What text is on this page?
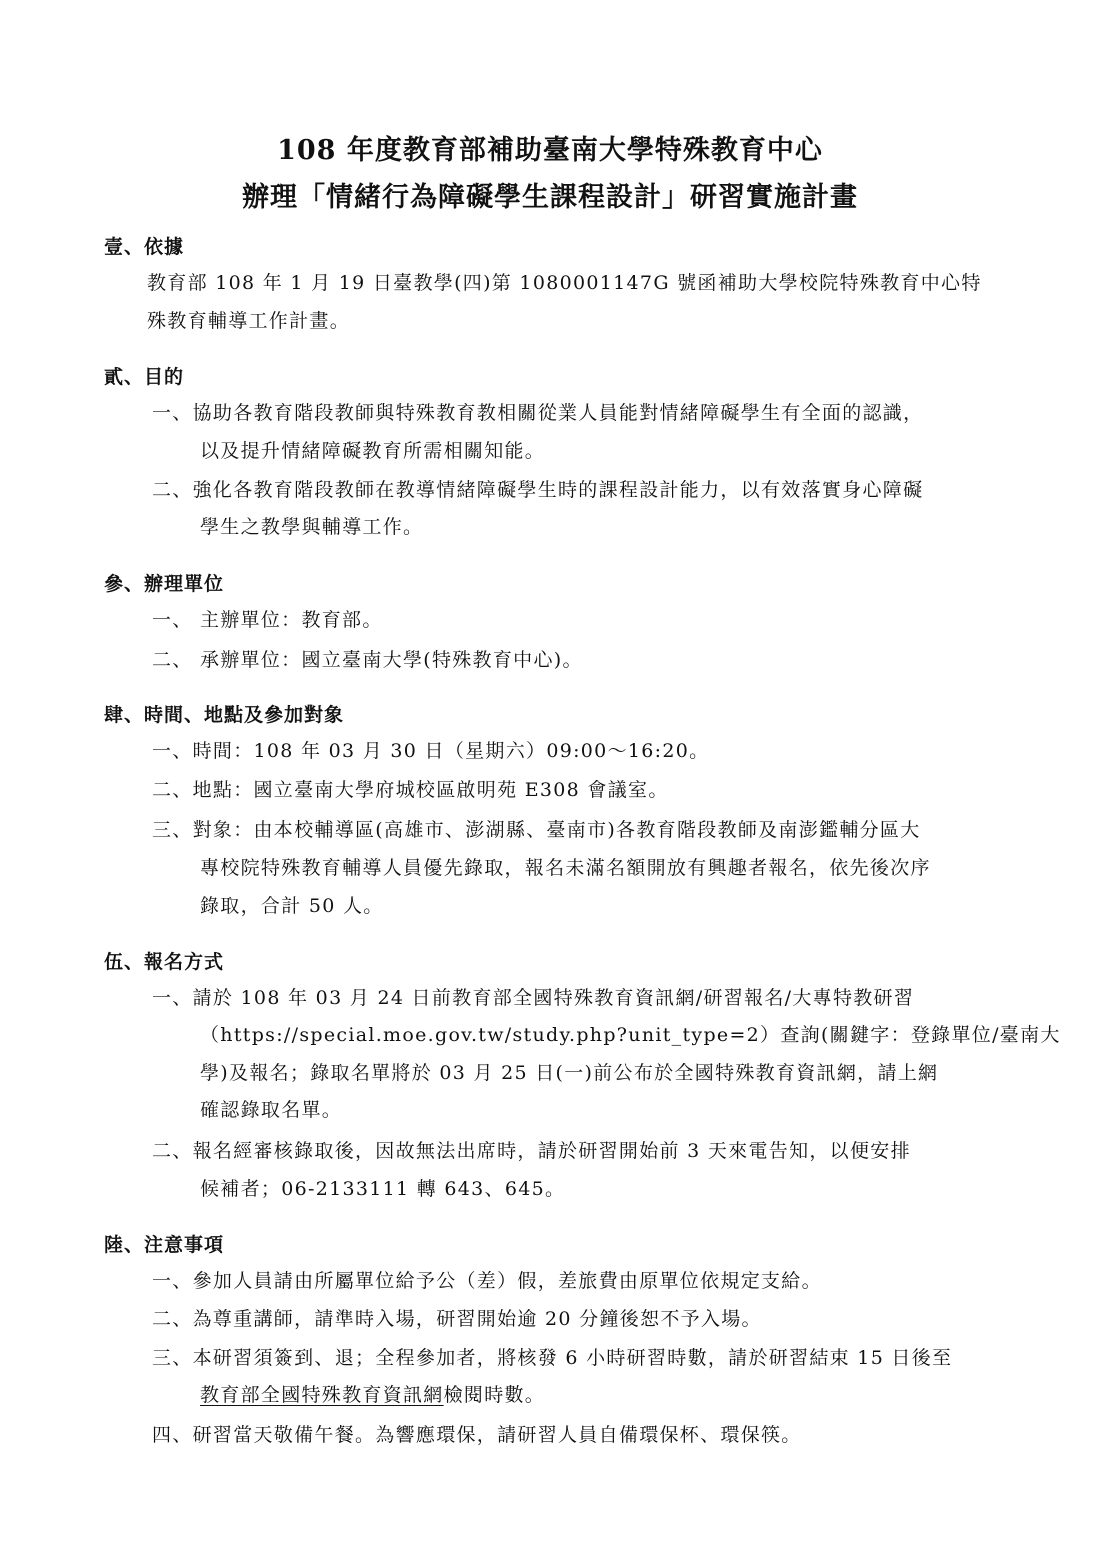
108 年度教育部補助臺南大學特殊教育中心
辦理「情緒行為障礙學生課程設計」研習實施計畫
壹、依據
教育部 108 年 1 月 19 日臺教學(四)第 1080001147G 號函補助大學校院特殊教育中心特
殊教育輔導工作計畫。
貳、目的
一、協助各教育階段教師與特殊教育教相關從業人員能對情緒障礙學生有全面的認識，
以及提升情緒障礙教育所需相關知能。
二、強化各教育階段教師在教導情緒障礙學生時的課程設計能力，以有效落實身心障礙
學生之教學與輔導工作。
參、辦理單位
一、 主辦單位：教育部。
二、 承辦單位：國立臺南大學(特殊教育中心)。
肆、時間、地點及參加對象
一、時間：108 年 03 月 30 日（星期六）09:00～16:20。
二、地點：國立臺南大學府城校區啟明苑 E308 會議室。
三、對象：由本校輔導區(高雄市、澎湖縣、臺南市)各教育階段教師及南澎鑑輔分區大
專校院特殊教育輔導人員優先錄取，報名未滿名額開放有興趣者報名，依先後次序
錄取，合計 50 人。
伍、報名方式
一、請於 108 年 03 月 24 日前教育部全國特殊教育資訊網/研習報名/大專特教研習
（https://special.moe.gov.tw/study.php?unit_type=2）查詢(關鍵字：登錄單位/臺南大
學)及報名；錄取名單將於 03 月 25 日(一)前公布於全國特殊教育資訊網，請上網
確認錄取名單。
二、報名經審核錄取後，因故無法出席時，請於研習開始前 3 天來電告知，以便安排
候補者；06-2133111 轉 643、645。
陸、注意事項
一、參加人員請由所屬單位給予公（差）假，差旅費由原單位依規定支給。
二、為尊重講師，請準時入場，研習開始逾 20 分鐘後恕不予入場。
三、本研習須簽到、退；全程參加者，將核發 6 小時研習時數，請於研習結束 15 日後至
教育部全國特殊教育資訊網檢閱時數。
四、研習當天敬備午餐。為響應環保，請研習人員自備環保杯、環保筷。
